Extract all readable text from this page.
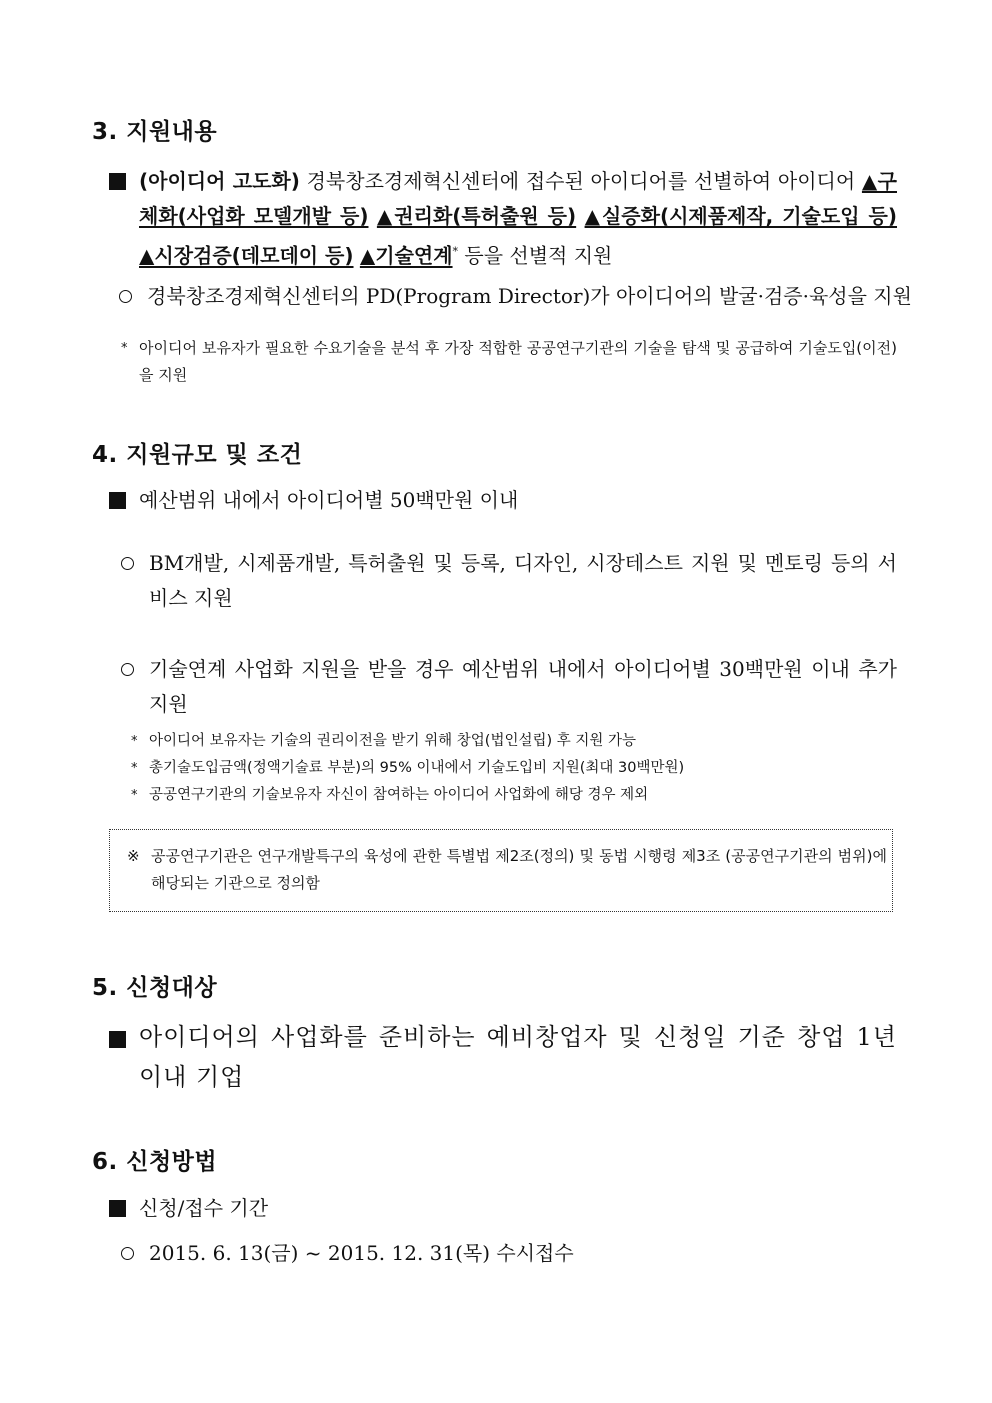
3. 지원내용
(아이디어 고도화) 경북창조경제혁신센터에 접수된 아이디어를 선별하여 아이디어 ▲구체화(사업화 모델개발 등) ▲권리화(특허출원 등) ▲실증화(시제품제작, 기술도입 등) ▲시장검증(데모데이 등) ▲기술연계* 등을 선별적 지원
경북창조경제혁신센터의 PD(Program Director)가 아이디어의 발굴·검증·육성을 지원
* 아이디어 보유자가 필요한 수요기술을 분석 후 가장 적합한 공공연구기관의 기술을 탐색 및 공급하여 기술도입(이전)을 지원
4. 지원규모 및 조건
예산범위 내에서 아이디어별 50백만원 이내
BM개발, 시제품개발, 특허출원 및 등록, 디자인, 시장테스트 지원 및 멘토링 등의 서비스 지원
기술연계 사업화 지원을 받을 경우 예산범위 내에서 아이디어별 30백만원 이내 추가 지원
* 아이디어 보유자는 기술의 권리이전을 받기 위해 창업(법인설립) 후 지원 가능
* 총기술도입금액(정액기술료 부분)의 95% 이내에서 기술도입비 지원(최대 30백만원)
* 공공연구기관의 기술보유자 자신이 참여하는 아이디어 사업화에 해당 경우 제외
※ 공공연구기관은 연구개발특구의 육성에 관한 특별법 제2조(정의) 및 동법 시행령 제3조 (공공연구기관의 범위)에 해당되는 기관으로 정의함
5. 신청대상
아이디어의 사업화를 준비하는 예비창업자 및 신청일 기준 창업 1년 이내 기업
6. 신청방법
신청/접수 기간
2015. 6. 13(금) ~ 2015. 12. 31(목) 수시접수
